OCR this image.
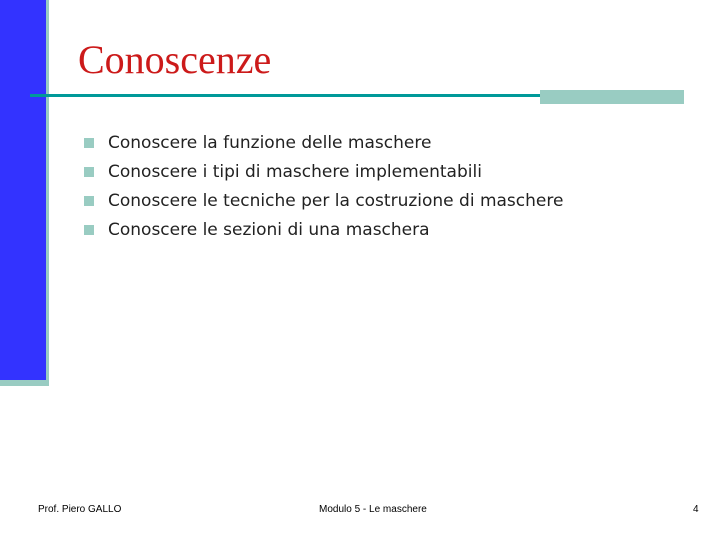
Conoscenze
Conoscere la funzione delle maschere
Conoscere i tipi di maschere implementabili
Conoscere le tecniche per la costruzione di maschere
Conoscere le sezioni di una maschera
Prof. Piero GALLO	Modulo 5 - Le maschere	4
